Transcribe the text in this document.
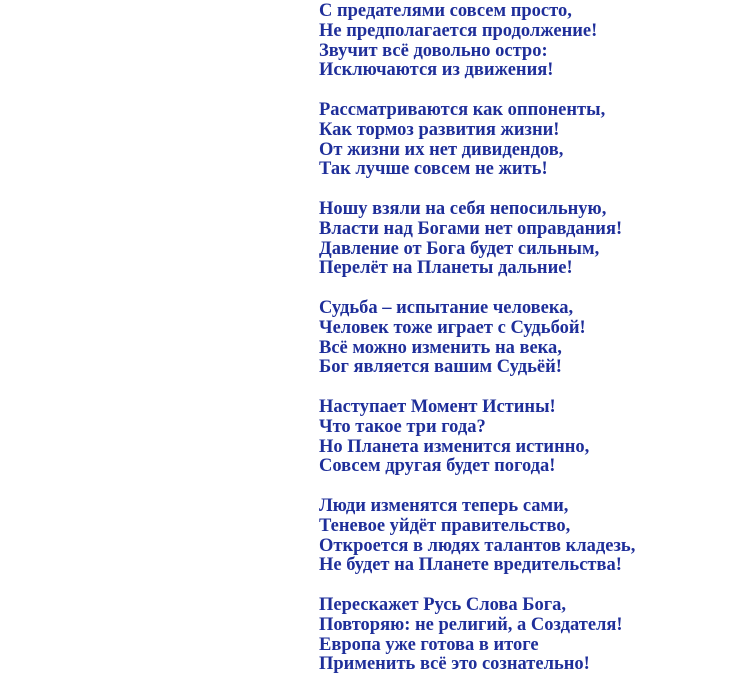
С предателями совсем просто,
Не предполагается продолжение!
Звучит всё довольно остро:
Исключаются из движения!
Рассматриваются как оппоненты,
Как тормоз развития жизни!
От жизни их нет дивидендов,
Так лучше совсем не жить!
Ношу взяли на себя непосильную,
Власти над Богами нет оправдания!
Давление от Бога будет сильным,
Перелёт на Планеты дальние!
Судьба – испытание человека,
Человек тоже играет с Судьбой!
Всё можно изменить на века,
Бог является вашим Судьёй!
Наступает Момент Истины!
Что такое три года?
Но Планета изменится истинно,
Совсем другая будет погода!
Люди изменятся теперь сами,
Теневое уйдёт правительство,
Откроется в людях талантов кладезь,
Не будет на Планете вредительства!
Перескажет Русь Слова Бога,
Повторяю: не религий, а Создателя!
Европа уже готова в итоге
Применить всё это сознательно!
